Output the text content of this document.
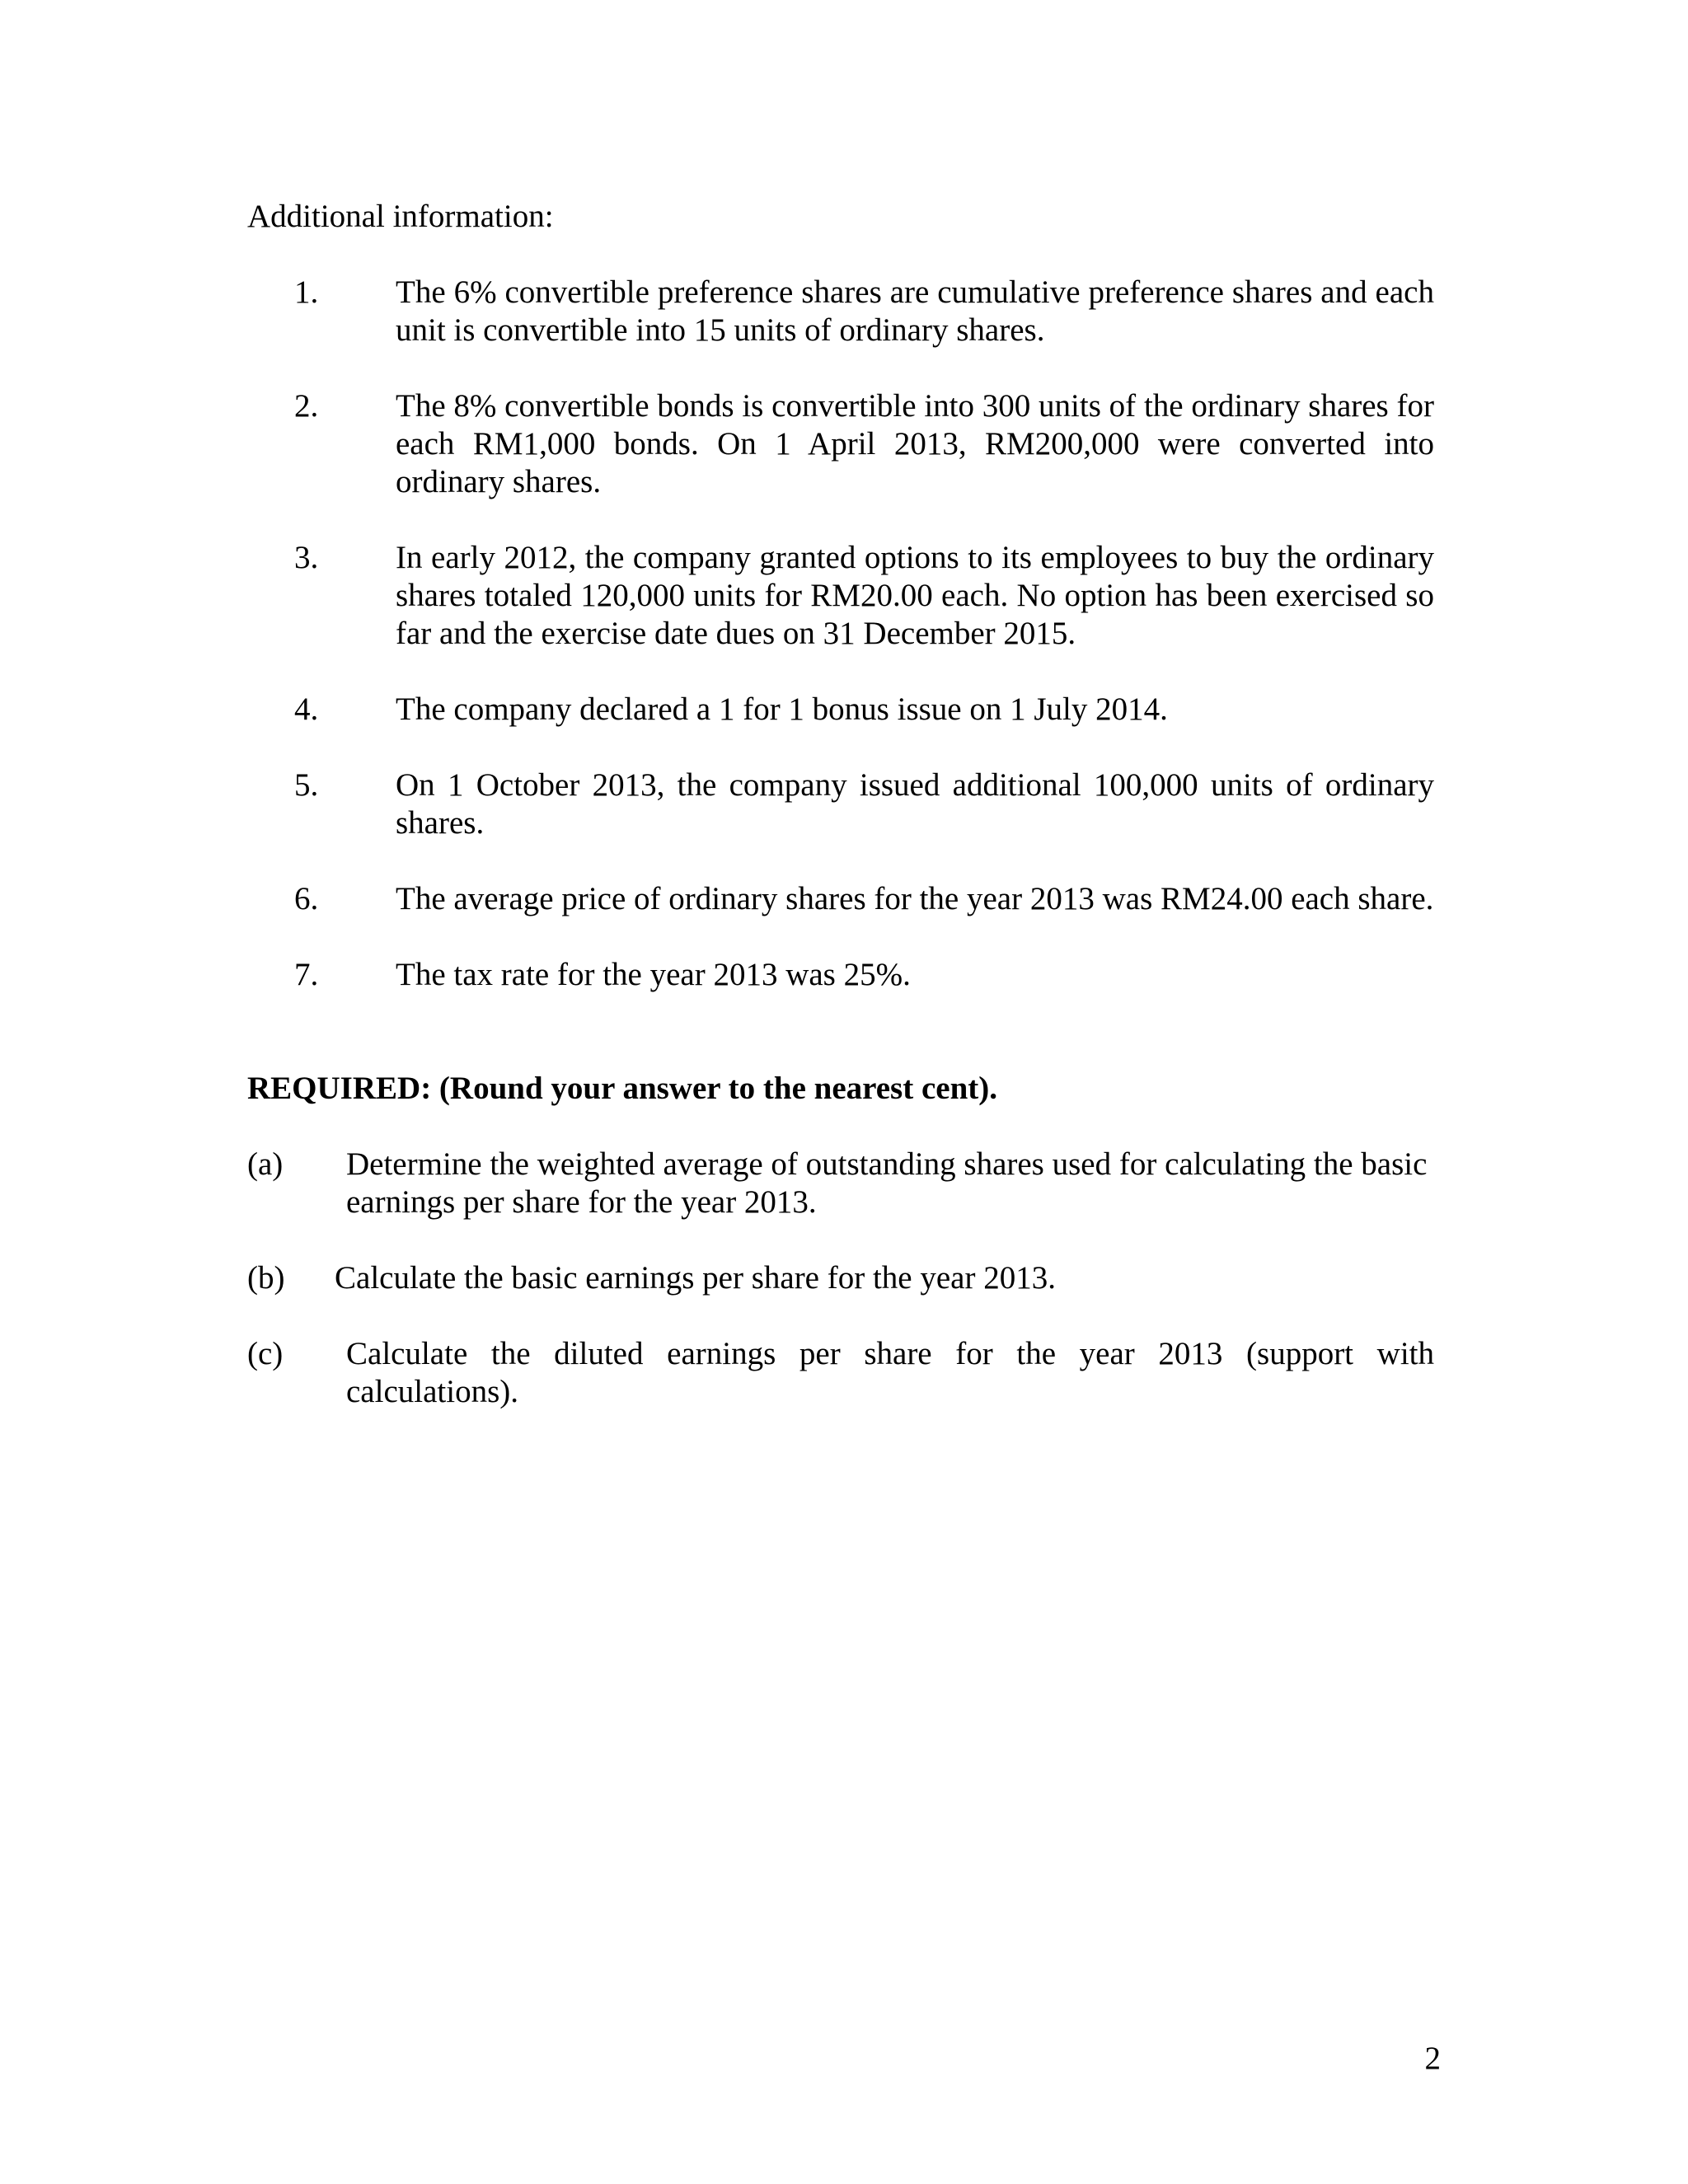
Additional information:

1.	The 6% convertible preference shares are cumulative preference shares and each unit is convertible into 15 units of ordinary shares.
2.	The 8% convertible bonds is convertible into 300 units of the ordinary shares for each RM1,000 bonds. On 1 April 2013, RM200,000 were converted into ordinary shares.
3.	In early 2012, the company granted options to its employees to buy the ordinary shares totaled 120,000 units for RM20.00 each. No option has been exercised so far and the exercise date dues on 31 December 2015.
4.	The company declared a 1 for 1 bonus issue on 1 July 2014.
5.	On 1 October 2013, the company issued additional 100,000 units of ordinary shares.
6.	The average price of ordinary shares for the year 2013 was RM24.00 each share.
7.	The tax rate for the year 2013 was 25%.

REQUIRED: (Round your answer to the nearest cent).

(a)	Determine the weighted average of outstanding shares used for calculating the basic   earnings per share for the year 2013.
(b)	Calculate the basic earnings per share for the year 2013.
(c)	Calculate the diluted earnings per share for the year 2013 (support with calculations).
2
